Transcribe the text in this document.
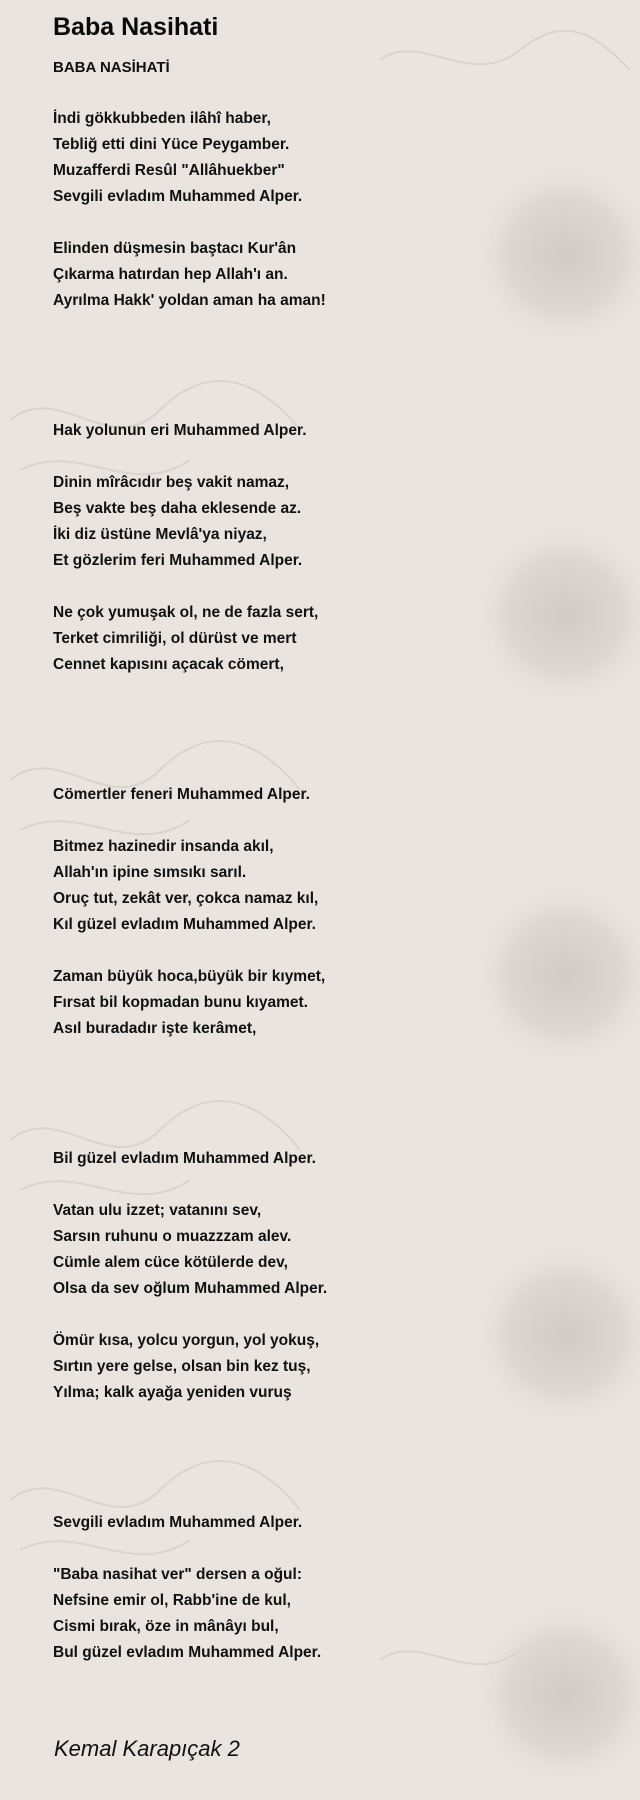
Baba Nasihati
BABA NASİHATİ
İndi gökkubbeden ilâhî haber,
Tebliğ etti dini Yüce Peygamber.
Muzafferdi Resûl "Allâhuekber"
Sevgili evladım Muhammed Alper.
Elinden düşmesin baştacı Kur'ân
Çıkarma hatırdan hep Allah'ı an.
Ayrılma Hakk' yoldan aman ha aman!
Hak yolunun eri Muhammed Alper.
Dinin mîrâcıdır beş vakit namaz,
Beş vakte beş daha eklesende az.
İki diz üstüne Mevlâ'ya niyaz,
Et gözlerim feri Muhammed Alper.
Ne çok yumuşak ol, ne de fazla sert,
Terket cimriliği, ol dürüst ve mert
Cennet kapısını açacak cömert,
Cömertler feneri Muhammed Alper.
Bitmez hazinedir insanda akıl,
Allah'ın ipine sımsıkı sarıl.
Oruç tut, zekât ver, çokca namaz kıl,
Kıl güzel evladım Muhammed Alper.
Zaman büyük hoca,büyük bir kıymet,
Fırsat bil kopmadan bunu kıyamet.
Asıl buradadır işte kerâmet,
Bil güzel evladım Muhammed Alper.
Vatan ulu izzet; vatanını sev,
Sarsın ruhunu o muazzzam alev.
Cümle alem cüce kötülerde dev,
Olsa da sev oğlum Muhammed Alper.
Ömür kısa, yolcu yorgun, yol yokuş,
Sırtın yere gelse, olsan bin kez tuş,
Yılma; kalk ayağa yeniden vuruş
Sevgili evladım Muhammed Alper.
"Baba nasihat ver" dersen a oğul:
Nefsine emir ol, Rabb'ine de kul,
Cismi bırak, öze in mânâyı bul,
Bul güzel evladım Muhammed Alper.
Kemal Karapıçak 2
